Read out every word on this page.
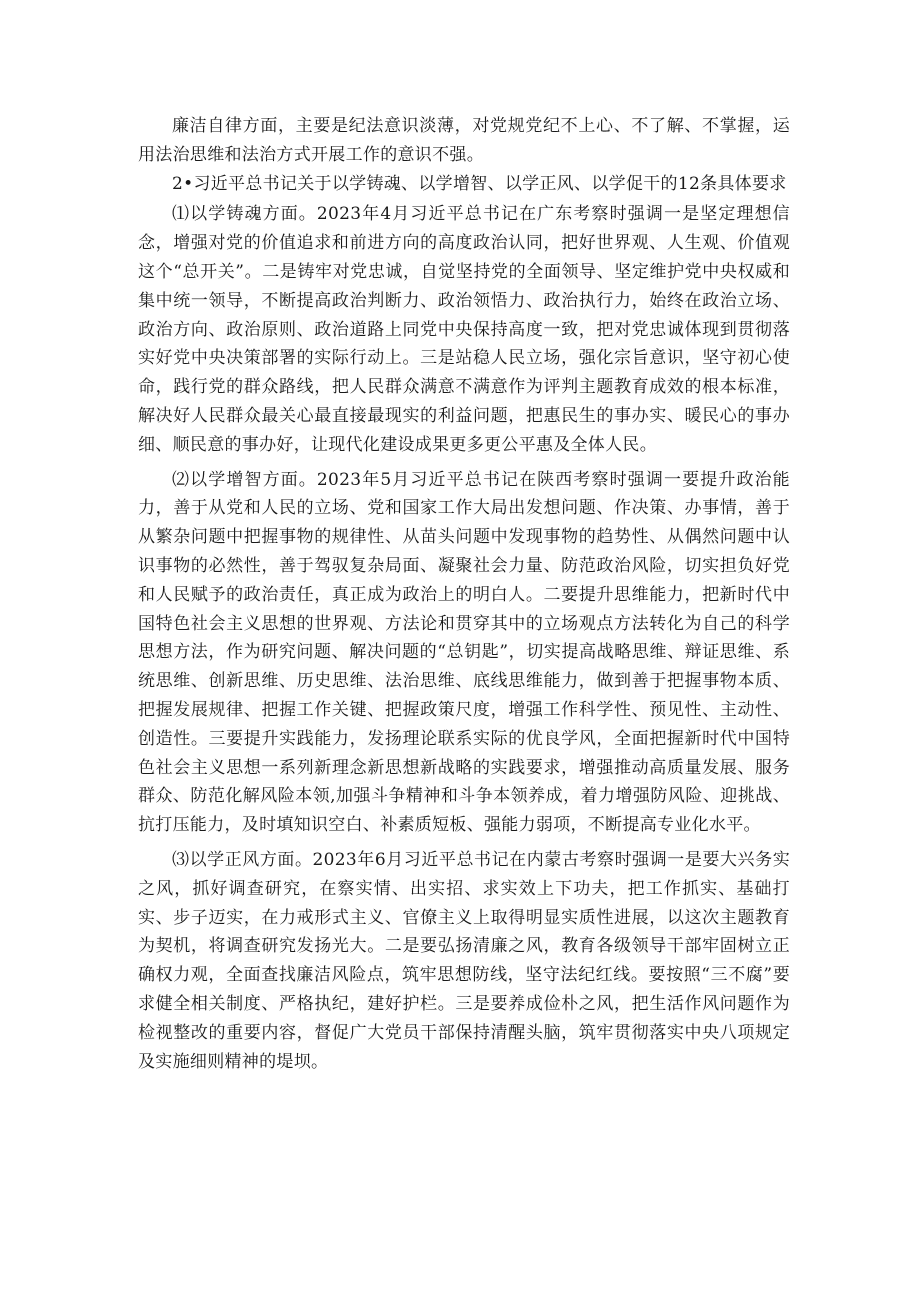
廉洁自律方面，主要是纪法意识淡薄，对党规党纪不上心、不了解、不掌握，运用法治思维和法治方式开展工作的意识不强。

2•习近平总书记关于以学铸魂、以学增智、以学正风、以学促干的12条具体要求

⑴以学铸魂方面。2023年4月习近平总书记在广东考察时强调一是坚定理想信念，增强对党的价值追求和前进方向的高度政治认同，把好世界观、人生观、价值观这个“总开关”。二是铸牢对党忠诚，自觉坚持党的全面领导、坚定维护党中央权威和集中统一领导，不断提高政治判断力、政治领悟力、政治执行力，始终在政治立场、政治方向、政治原则、政治道路上同党中央保持高度一致，把对党忠诚体现到贯彻落实好党中央决策部署的实际行动上。三是站稳人民立场，强化宗旨意识，坚守初心使命，践行党的群众路线，把人民群众满意不满意作为评判主题教育成效的根本标准，解决好人民群众最关心最直接最现实的利益问题，把惠民生的事办实、暖民心的事办细、顺民意的事办好，让现代化建设成果更多更公平惠及全体人民。

⑵以学增智方面。2023年5月习近平总书记在陕西考察时强调一要提升政治能力，善于从党和人民的立场、党和国家工作大局出发想问题、作决策、办事情，善于从繁杂问题中把握事物的规律性、从苗头问题中发现事物的趋势性、从偶然问题中认识事物的必然性，善于驾驭复杂局面、凝聚社会力量、防范政治风险，切实担负好党和人民赋予的政治责任，真正成为政治上的明白人。二要提升思维能力，把新时代中国特色社会主义思想的世界观、方法论和贯穿其中的立场观点方法转化为自己的科学思想方法，作为研究问题、解决问题的“总钥匙”，切实提高战略思维、辩证思维、系统思维、创新思维、历史思维、法治思维、底线思维能力，做到善于把握事物本质、把握发展规律、把握工作关键、把握政策尺度，增强工作科学性、预见性、主动性、创造性。三要提升实践能力，发扬理论联系实际的优良学风，全面把握新时代中国特色社会主义思想一系列新理念新思想新战略的实践要求，增强推动高质量发展、服务群众、防范化解风险本领,加强斗争精神和斗争本领养成，着力增强防风险、迎挑战、抗打压能力，及时填知识空白、补素质短板、强能力弱项，不断提高专业化水平。

⑶以学正风方面。2023年6月习近平总书记在内蒙古考察时强调一是要大兴务实之风，抓好调查研究，在察实情、出实招、求实效上下功夫，把工作抓实、基础打实、步子迈实，在力戒形式主义、官僚主义上取得明显实质性进展，以这次主题教育为契机，将调查研究发扬光大。二是要弘扬清廉之风，教育各级领导干部牢固树立正确权力观，全面查找廉洁风险点，筑牢思想防线，坚守法纪红线。要按照“三不腐”要求健全相关制度、严格执纪，建好护栏。三是要养成俭朴之风，把生活作风问题作为检视整改的重要内容，督促广大党员干部保持清醒头脑，筑牢贯彻落实中央八项规定及实施细则精神的堤坝。
